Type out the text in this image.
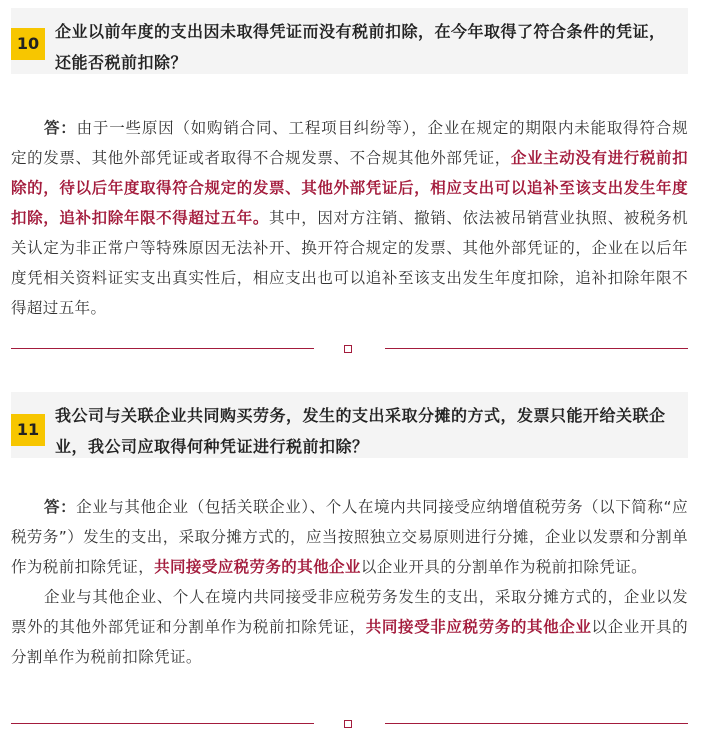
10
企业以前年度的支出因未取得凭证而没有税前扣除，在今年取得了符合条件的凭证，还能否税前扣除？

答：由于一些原因（如购销合同、工程项目纠纷等），企业在规定的期限内未能取得符合规定的发票、其他外部凭证或者取得不合规发票、不合规其他外部凭证，企业主动没有进行税前扣除的，待以后年度取得符合规定的发票、其他外部凭证后，相应支出可以追补至该支出发生年度扣除，追补扣除年限不得超过五年。其中，因对方注销、撤销、依法被吊销营业执照、被税务机关认定为非正常户等特殊原因无法补开、换开符合规定的发票、其他外部凭证的，企业在以后年度凭相关资料证实支出真实性后，相应支出也可以追补至该支出发生年度扣除，追补扣除年限不得超过五年。

11
我公司与关联企业共同购买劳务，发生的支出采取分摊的方式，发票只能开给关联企业，我公司应取得何种凭证进行税前扣除？

答：企业与其他企业（包括关联企业）、个人在境内共同接受应纳增值税劳务（以下简称“应税劳务”）发生的支出，采取分摊方式的，应当按照独立交易原则进行分摊，企业以发票和分割单作为税前扣除凭证，共同接受应税劳务的其他企业以企业开具的分割单作为税前扣除凭证。

企业与其他企业、个人在境内共同接受非应税劳务发生的支出，采取分摊方式的，企业以发票外的其他外部凭证和分割单作为税前扣除凭证，共同接受非应税劳务的其他企业以企业开具的分割单作为税前扣除凭证。
